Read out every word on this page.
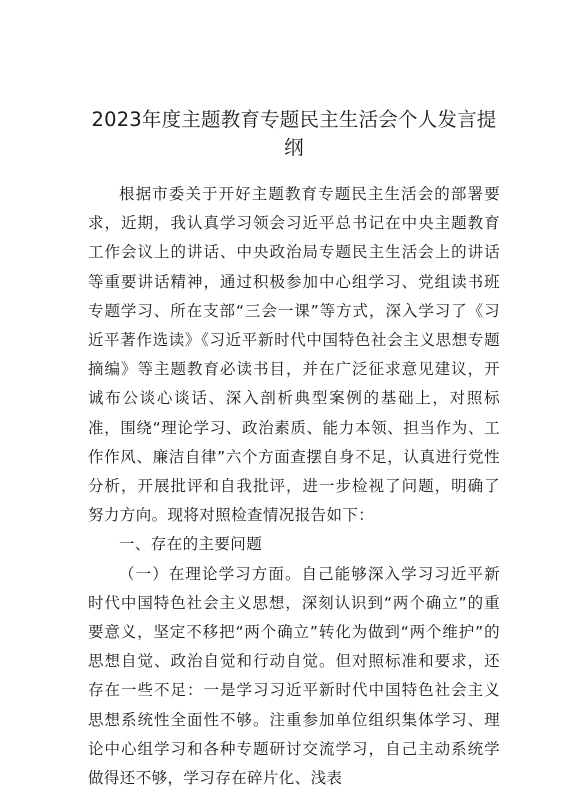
2023年度主题教育专题民主生活会个人发言提纲

根据市委关于开好主题教育专题民主生活会的部署要求，近期，我认真学习领会习近平总书记在中央主题教育工作会议上的讲话、中央政治局专题民主生活会上的讲话等重要讲话精神，通过积极参加中心组学习、党组读书班专题学习、所在支部“三会一课”等方式，深入学习了《习近平著作选读》《习近平新时代中国特色社会主义思想专题摘编》等主题教育必读书目，并在广泛征求意见建议，开诚布公谈心谈话、深入剖析典型案例的基础上，对照标准，围绕“理论学习、政治素质、能力本领、担当作为、工作作风、廉洁自律”六个方面查摆自身不足，认真进行党性分析，开展批评和自我批评，进一步检视了问题，明确了努力方向。现将对照检查情况报告如下：

一、存在的主要问题

（一）在理论学习方面。自己能够深入学习习近平新时代中国特色社会主义思想，深刻认识到“两个确立”的重要意义，坚定不移把“两个确立”转化为做到“两个维护”的思想自觉、政治自觉和行动自觉。但对照标准和要求，还存在一些不足：一是学习习近平新时代中国特色社会主义思想系统性全面性不够。注重参加单位组织集体学习、理论中心组学习和各种专题研讨交流学习，自己主动系统学做得还不够，学习存在碎片化、浅表
